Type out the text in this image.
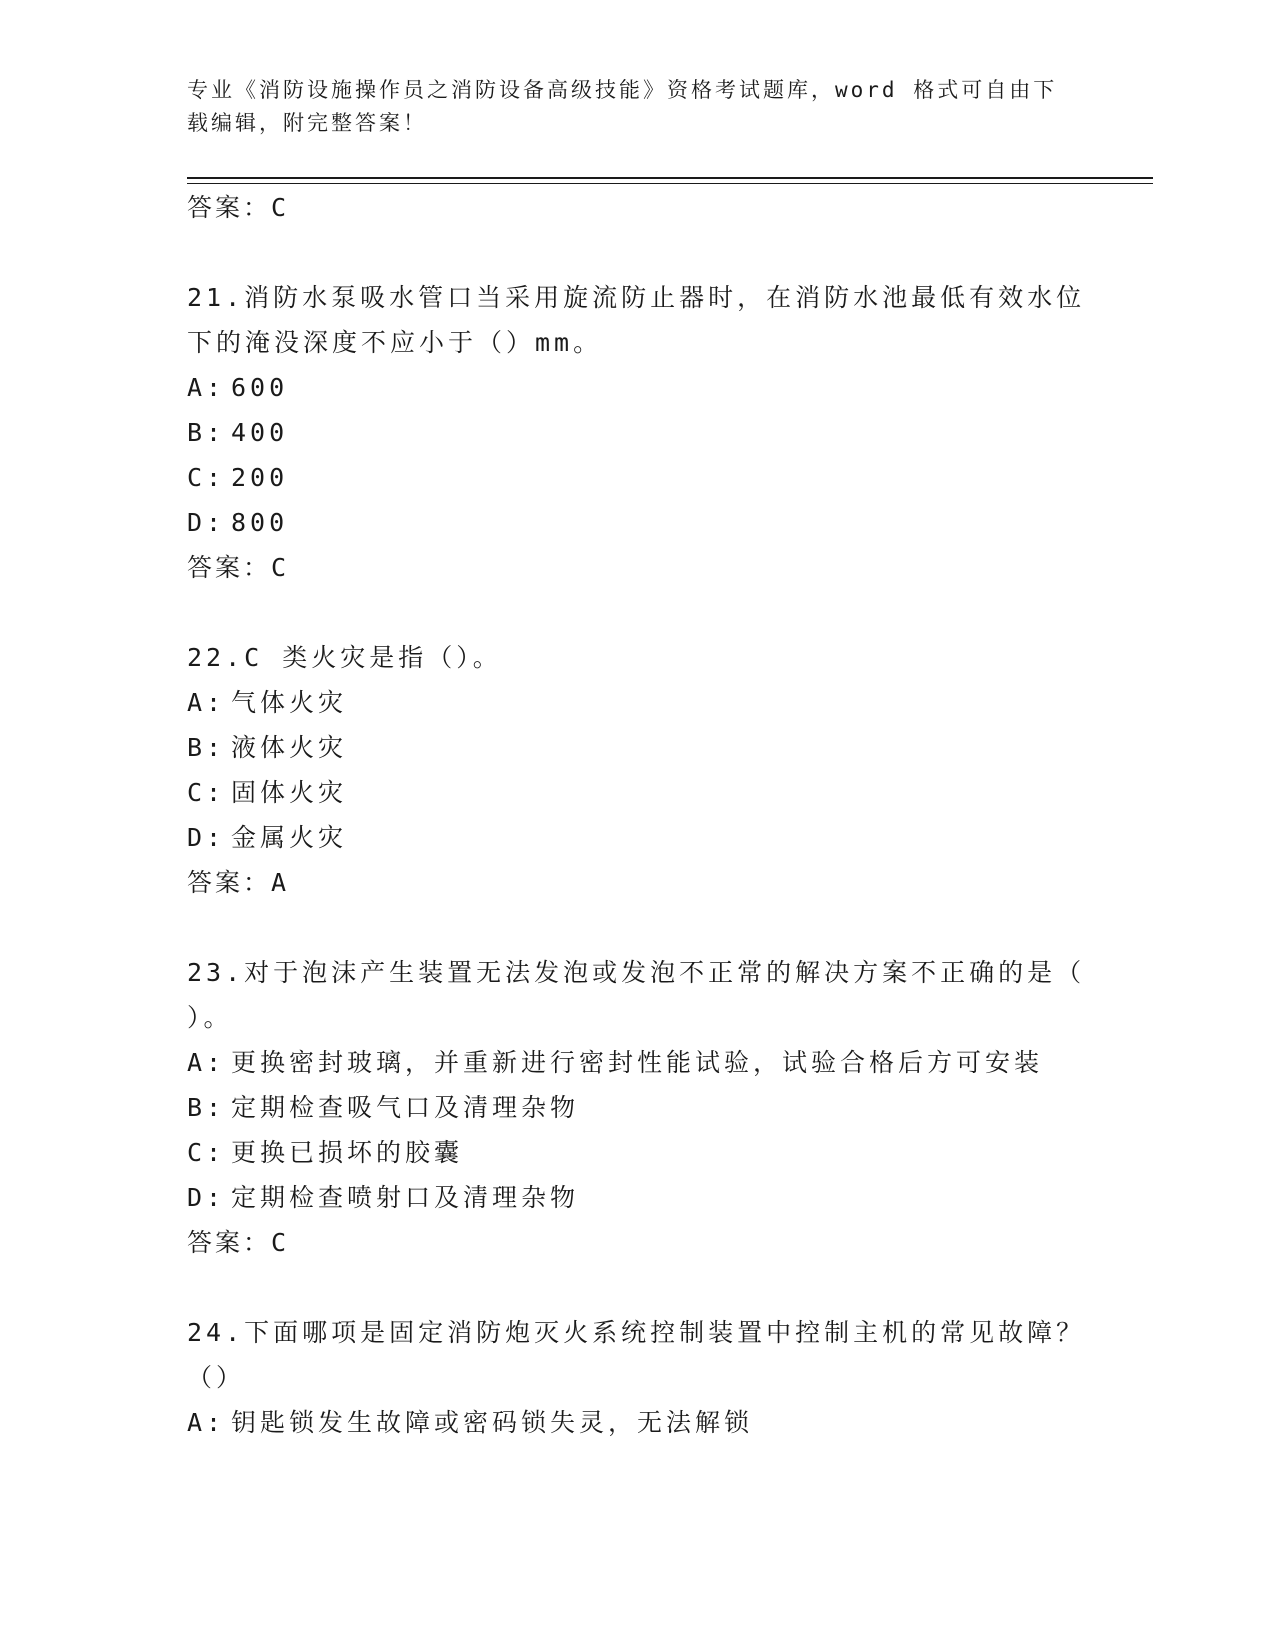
专业《消防设施操作员之消防设备高级技能》资格考试题库，word 格式可自由下
载编辑，附完整答案！
答案：C
21.消防水泵吸水管口当采用旋流防止器时，在消防水池最低有效水位
下的淹没深度不应小于（）mm。
A: 600
B: 400
C: 200
D: 800
答案：C
22.C 类火灾是指（）。
A: 气体火灾
B: 液体火灾
C: 固体火灾
D: 金属火灾
答案：A
23.对于泡沫产生装置无法发泡或发泡不正常的解决方案不正确的是（
）。
A: 更换密封玻璃，并重新进行密封性能试验，试验合格后方可安装
B: 定期检查吸气口及清理杂物
C: 更换已损坏的胶囊
D: 定期检查喷射口及清理杂物
答案：C
24.下面哪项是固定消防炮灭火系统控制装置中控制主机的常见故障？
（）
A: 钥匙锁发生故障或密码锁失灵，无法解锁
